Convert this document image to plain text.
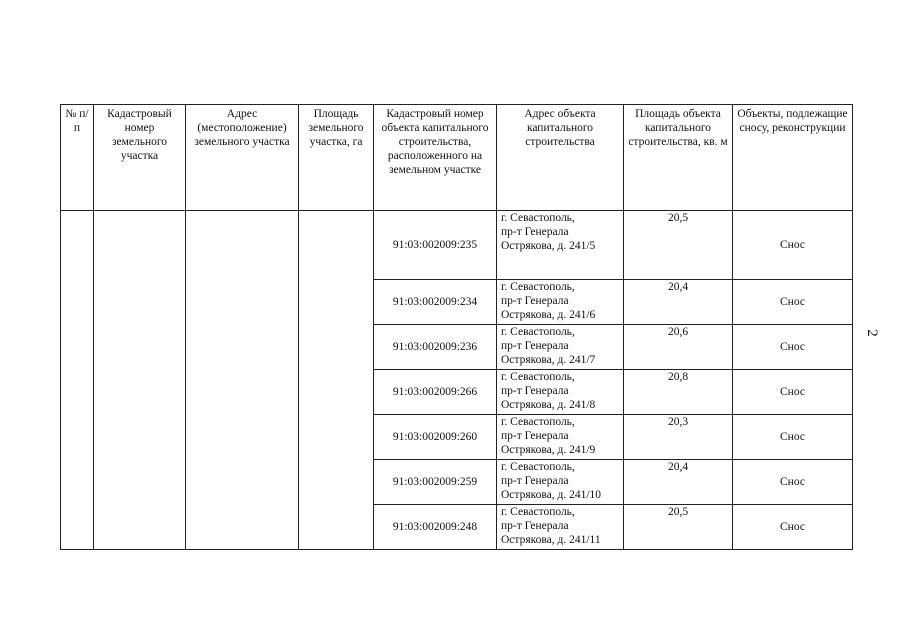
№ п/п	Кадастровый номер земельного участка	Адрес (местоположение) земельного участка	Площадь земельного участка, га	Кадастровый номер объекта капитального строительства, расположенного на земельном участке	Адрес объекта капитального строительства	Площадь объекта капитального строительства, кв. м	Объекты, подлежащие сносу, реконструкции
				91:03:002009:235	г. Севастополь,
пр-т Генерала
Острякова, д. 241/5	20,5	Снос
				91:03:002009:234	г. Севастополь,
пр-т Генерала
Острякова, д. 241/6	20,4	Снос
				91:03:002009:236	г. Севастополь,
пр-т Генерала
Острякова, д. 241/7	20,6	Снос
				91:03:002009:266	г. Севастополь,
пр-т Генерала
Острякова, д. 241/8	20,8	Снос
				91:03:002009:260	г. Севастополь,
пр-т Генерала
Острякова, д. 241/9	20,3	Снос
				91:03:002009:259	г. Севастополь,
пр-т Генерала
Острякова, д. 241/10	20,4	Снос
				91:03:002009:248	г. Севастополь,
пр-т Генерала
Острякова, д. 241/11	20,5	Снос
2
